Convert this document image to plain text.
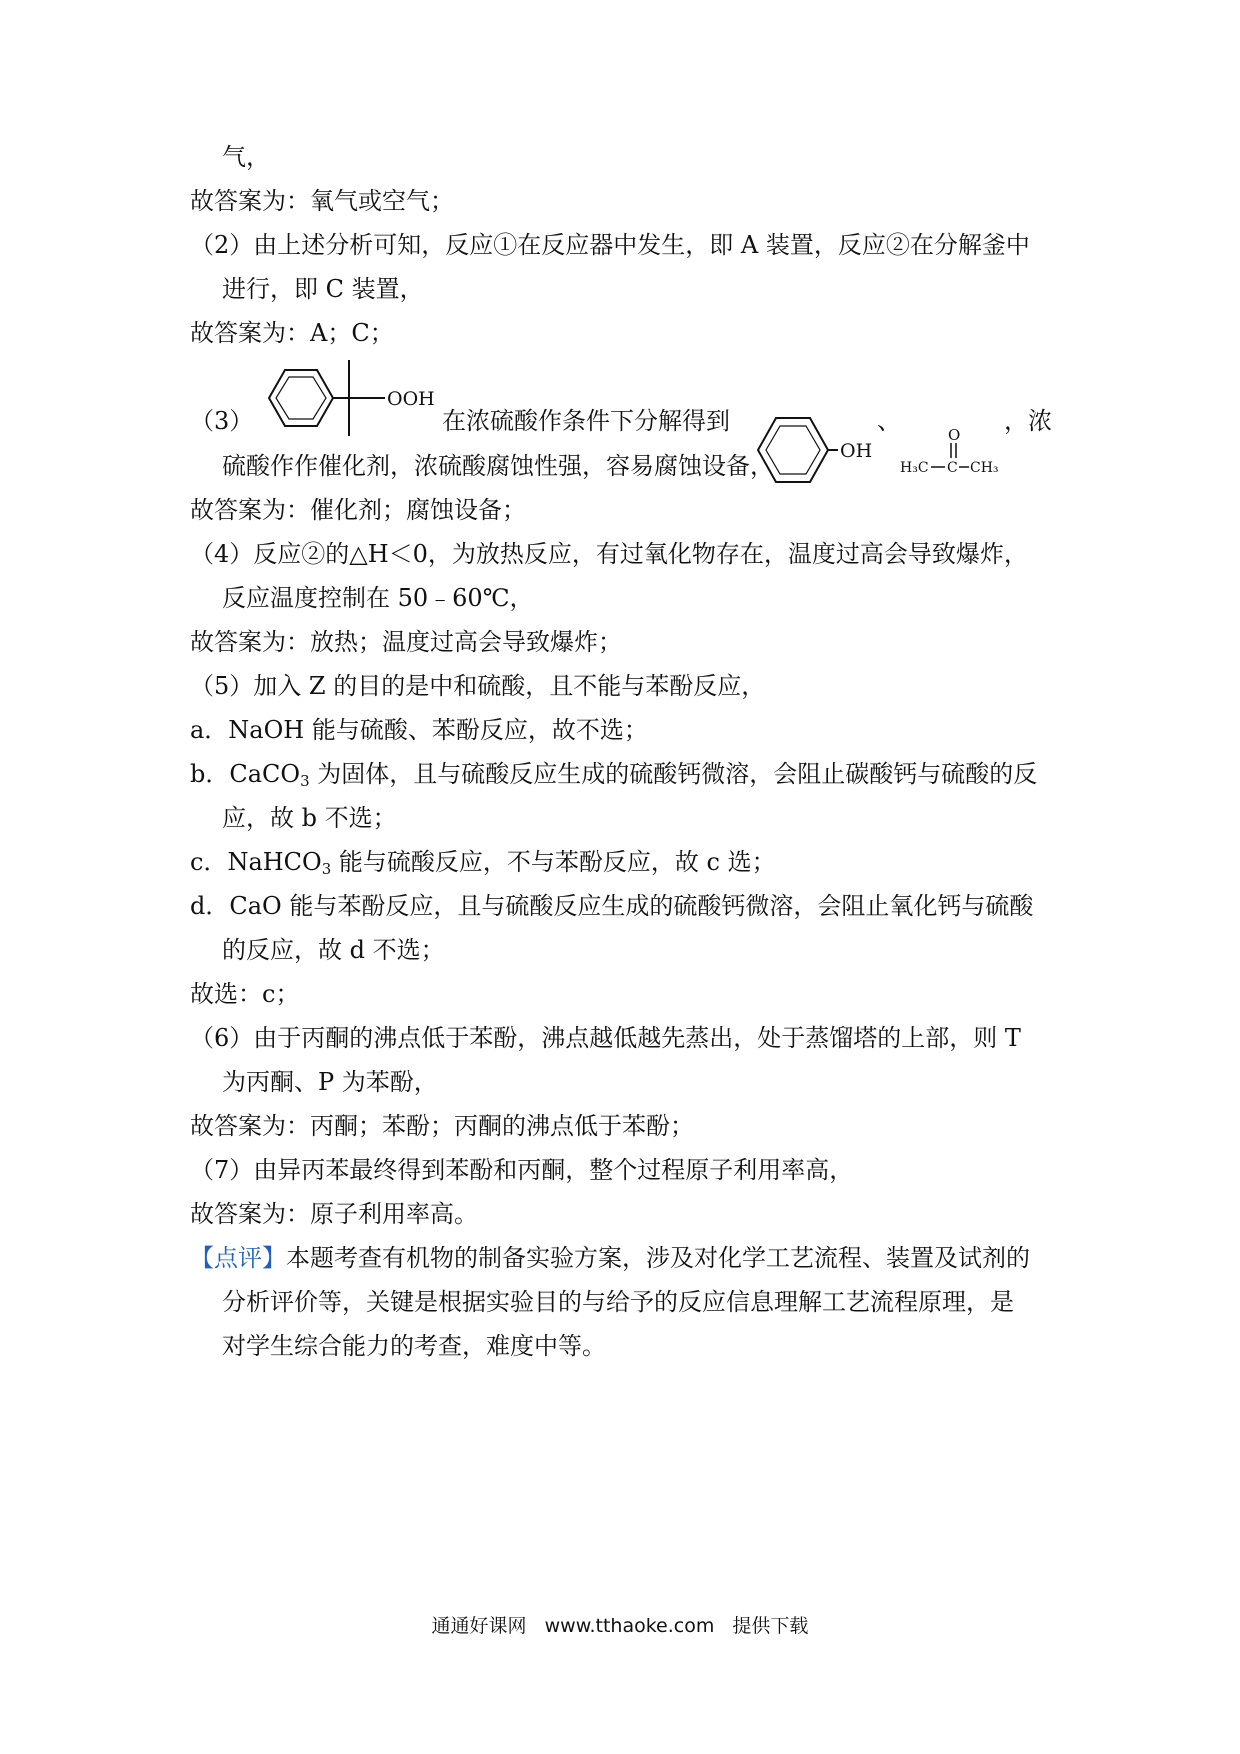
气，
故答案为：氧气或空气；
（2）由上述分析可知，反应①在反应器中发生，即 A 装置，反应②在分解釜中
进行，即 C 装置，
故答案为：A；C；
（3）
OOH
在浓硫酸作条件下分解得到
OH
、	O
H₃C C CH₃
，浓
硫酸作作催化剂，浓硫酸腐蚀性强，容易腐蚀设备，
故答案为：催化剂；腐蚀设备；
（4）反应②的△H＜0，为放热反应，有过氧化物存在，温度过高会导致爆炸，
反应温度控制在 50﹣60℃，
故答案为：放热；温度过高会导致爆炸；
（5）加入 Z 的目的是中和硫酸，且不能与苯酚反应，
a．NaOH 能与硫酸、苯酚反应，故不选；
b．CaCO$_3$ 为固体，且与硫酸反应生成的硫酸钙微溶，会阻止碳酸钙与硫酸的反
应，故 b 不选；
c．NaHCO$_3$ 能与硫酸反应，不与苯酚反应，故 c 选；
d．CaO 能与苯酚反应，且与硫酸反应生成的硫酸钙微溶，会阻止氧化钙与硫酸
的反应，故 d 不选；
故选：c；
（6）由于丙酮的沸点低于苯酚，沸点越低越先蒸出，处于蒸馏塔的上部，则 T
为丙酮、P 为苯酚，
故答案为：丙酮；苯酚；丙酮的沸点低于苯酚；
（7）由异丙苯最终得到苯酚和丙酮，整个过程原子利用率高，
故答案为：原子利用率高。
【点评】本题考查有机物的制备实验方案，涉及对化学工艺流程、装置及试剂的
分析评价等，关键是根据实验目的与给予的反应信息理解工艺流程原理，是
对学生综合能力的考查，难度中等。
通通好课网 www.tthaoke.com 提供下载
